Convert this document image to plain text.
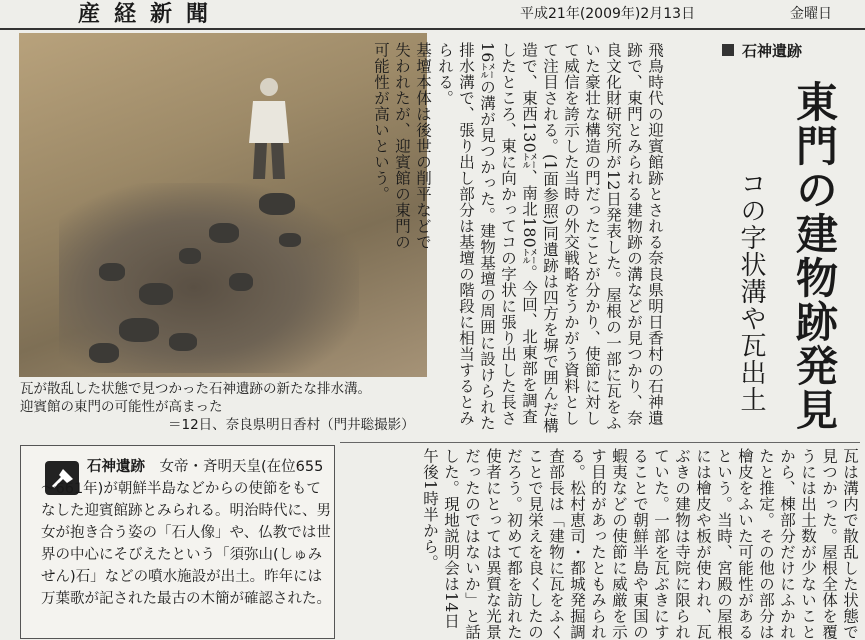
産経新聞	平成21年(2009年)2月13日	金曜日
瓦が散乱した状態で見つかった石神遺跡の新たな排水溝。
迎賓館の東門の可能性が高まった
＝12日、奈良県明日香村（門井聡撮影）
石神遺跡
東門の建物跡発見
コの字状溝や瓦出土
飛鳥時代の迎賓館跡とされる奈良県明日香村の石神遺跡で、東門とみられる建物跡の溝などが見つかり、奈良文化財研究所が12日発表した。屋根の一部に瓦をふいた豪壮な構造の門だったことが分かり、使節に対して威信を誇示した当時の外交戦略をうかがう資料として注目される。(1面参照)同遺跡は四方を塀で囲んだ構造で、東西130㍍、南北180㍍。今回、北東部を調査したところ、東に向かってコの字状に張り出した長さ16㍍の溝が見つかった。建物基壇の周囲に設けられた排水溝で、張り出し部分は基壇の階段に相当するとみられる。
基壇本体は後世の削平などで失われたが、迎賓館の東門の可能性が高いという。
瓦は溝内で散乱した状態で見つかった。屋根全体を覆うには出土数が少ないことから、棟部分だけにふかれたと推定。その他の部分は檜皮をふいた可能性があるという。当時、宮殿の屋根には檜皮や板が使われ、瓦ぶきの建物は寺院に限られていた。一部を瓦ぶきにすることで朝鮮半島や東国の蝦夷などの使節に威厳を示す目的があったともみられる。松村恵司・都城発掘調査部長は「建物に瓦をふくことで見栄えを良くしたのだろう。初めて都を訪れた使者にとっては異質な光景だったのではないか」と話した。現地説明会は14日午後1時半から。
石神遺跡　 女帝・斉明天皇(在位655～661年)が朝鮮半島などからの使節をもてなした迎賓館跡とみられる。明治時代に、男女が抱き合う姿の「石人像」や、仏教では世界の中心にそびえたという「須弥山(しゅみせん)石」などの噴水施設が出土。昨年には万葉歌が記された最古の木簡が確認された。
